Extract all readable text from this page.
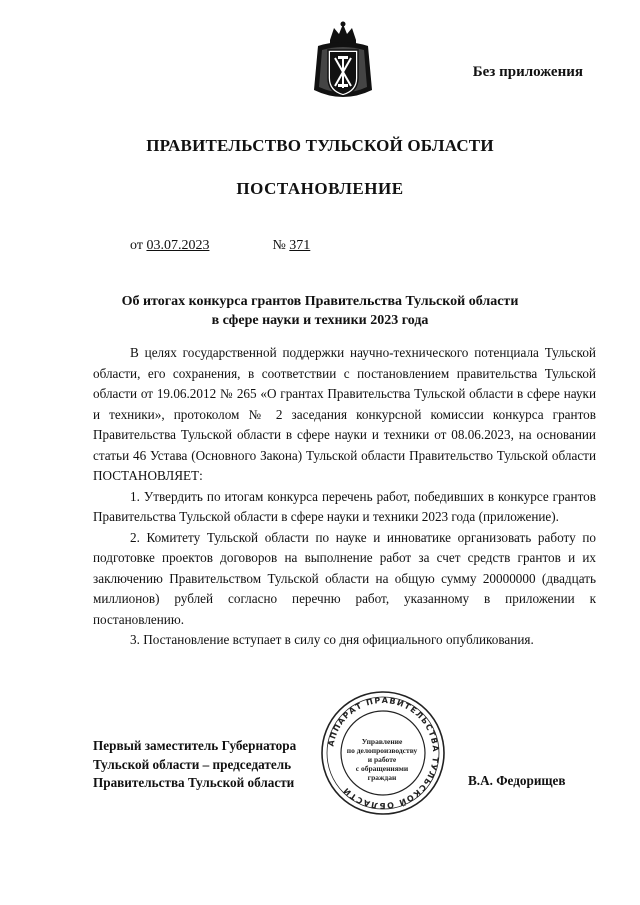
Без приложения
ПРАВИТЕЛЬСТВО ТУЛЬСКОЙ ОБЛАСТИ
ПОСТАНОВЛЕНИЕ
от 03.07.2023	№ 371
Об итогах конкурса грантов Правительства Тульской области
в сфере науки и техники 2023 года

В целях государственной поддержки научно-технического потенциала Тульской области, его сохранения, в соответствии с постановлением правительства Тульской области от 19.06.2012 № 265 «О грантах Правительства Тульской области в сфере науки и техники», протоколом № 2 заседания конкурсной комиссии конкурса грантов Правительства Тульской области в сфере науки и техники от 08.06.2023, на основании статьи 46 Устава (Основного Закона) Тульской области Правительство Тульской области ПОСТАНОВЛЯЕТ:

1. Утвердить по итогам конкурса перечень работ, победивших в конкурсе грантов Правительства Тульской области в сфере науки и техники 2023 года (приложение).

2. Комитету Тульской области по науке и инноватике организовать работу по подготовке проектов договоров на выполнение работ за счет средств грантов и их заключению Правительством Тульской области на общую сумму 20000000 (двадцать миллионов) рублей согласно перечню работ, указанному в приложении к постановлению.

3. Постановление вступает в силу со дня официального опубликования.

Первый заместитель Губернатора
Тульской области – председатель
Правительства Тульской области
АППАРАТ ПРАВИТЕЛЬСТВА ТУЛЬСКОЙ ОБЛАСТИ
Управление
по делопроизводству
и работе
с обращениями
граждан	В.А. Федорищев
